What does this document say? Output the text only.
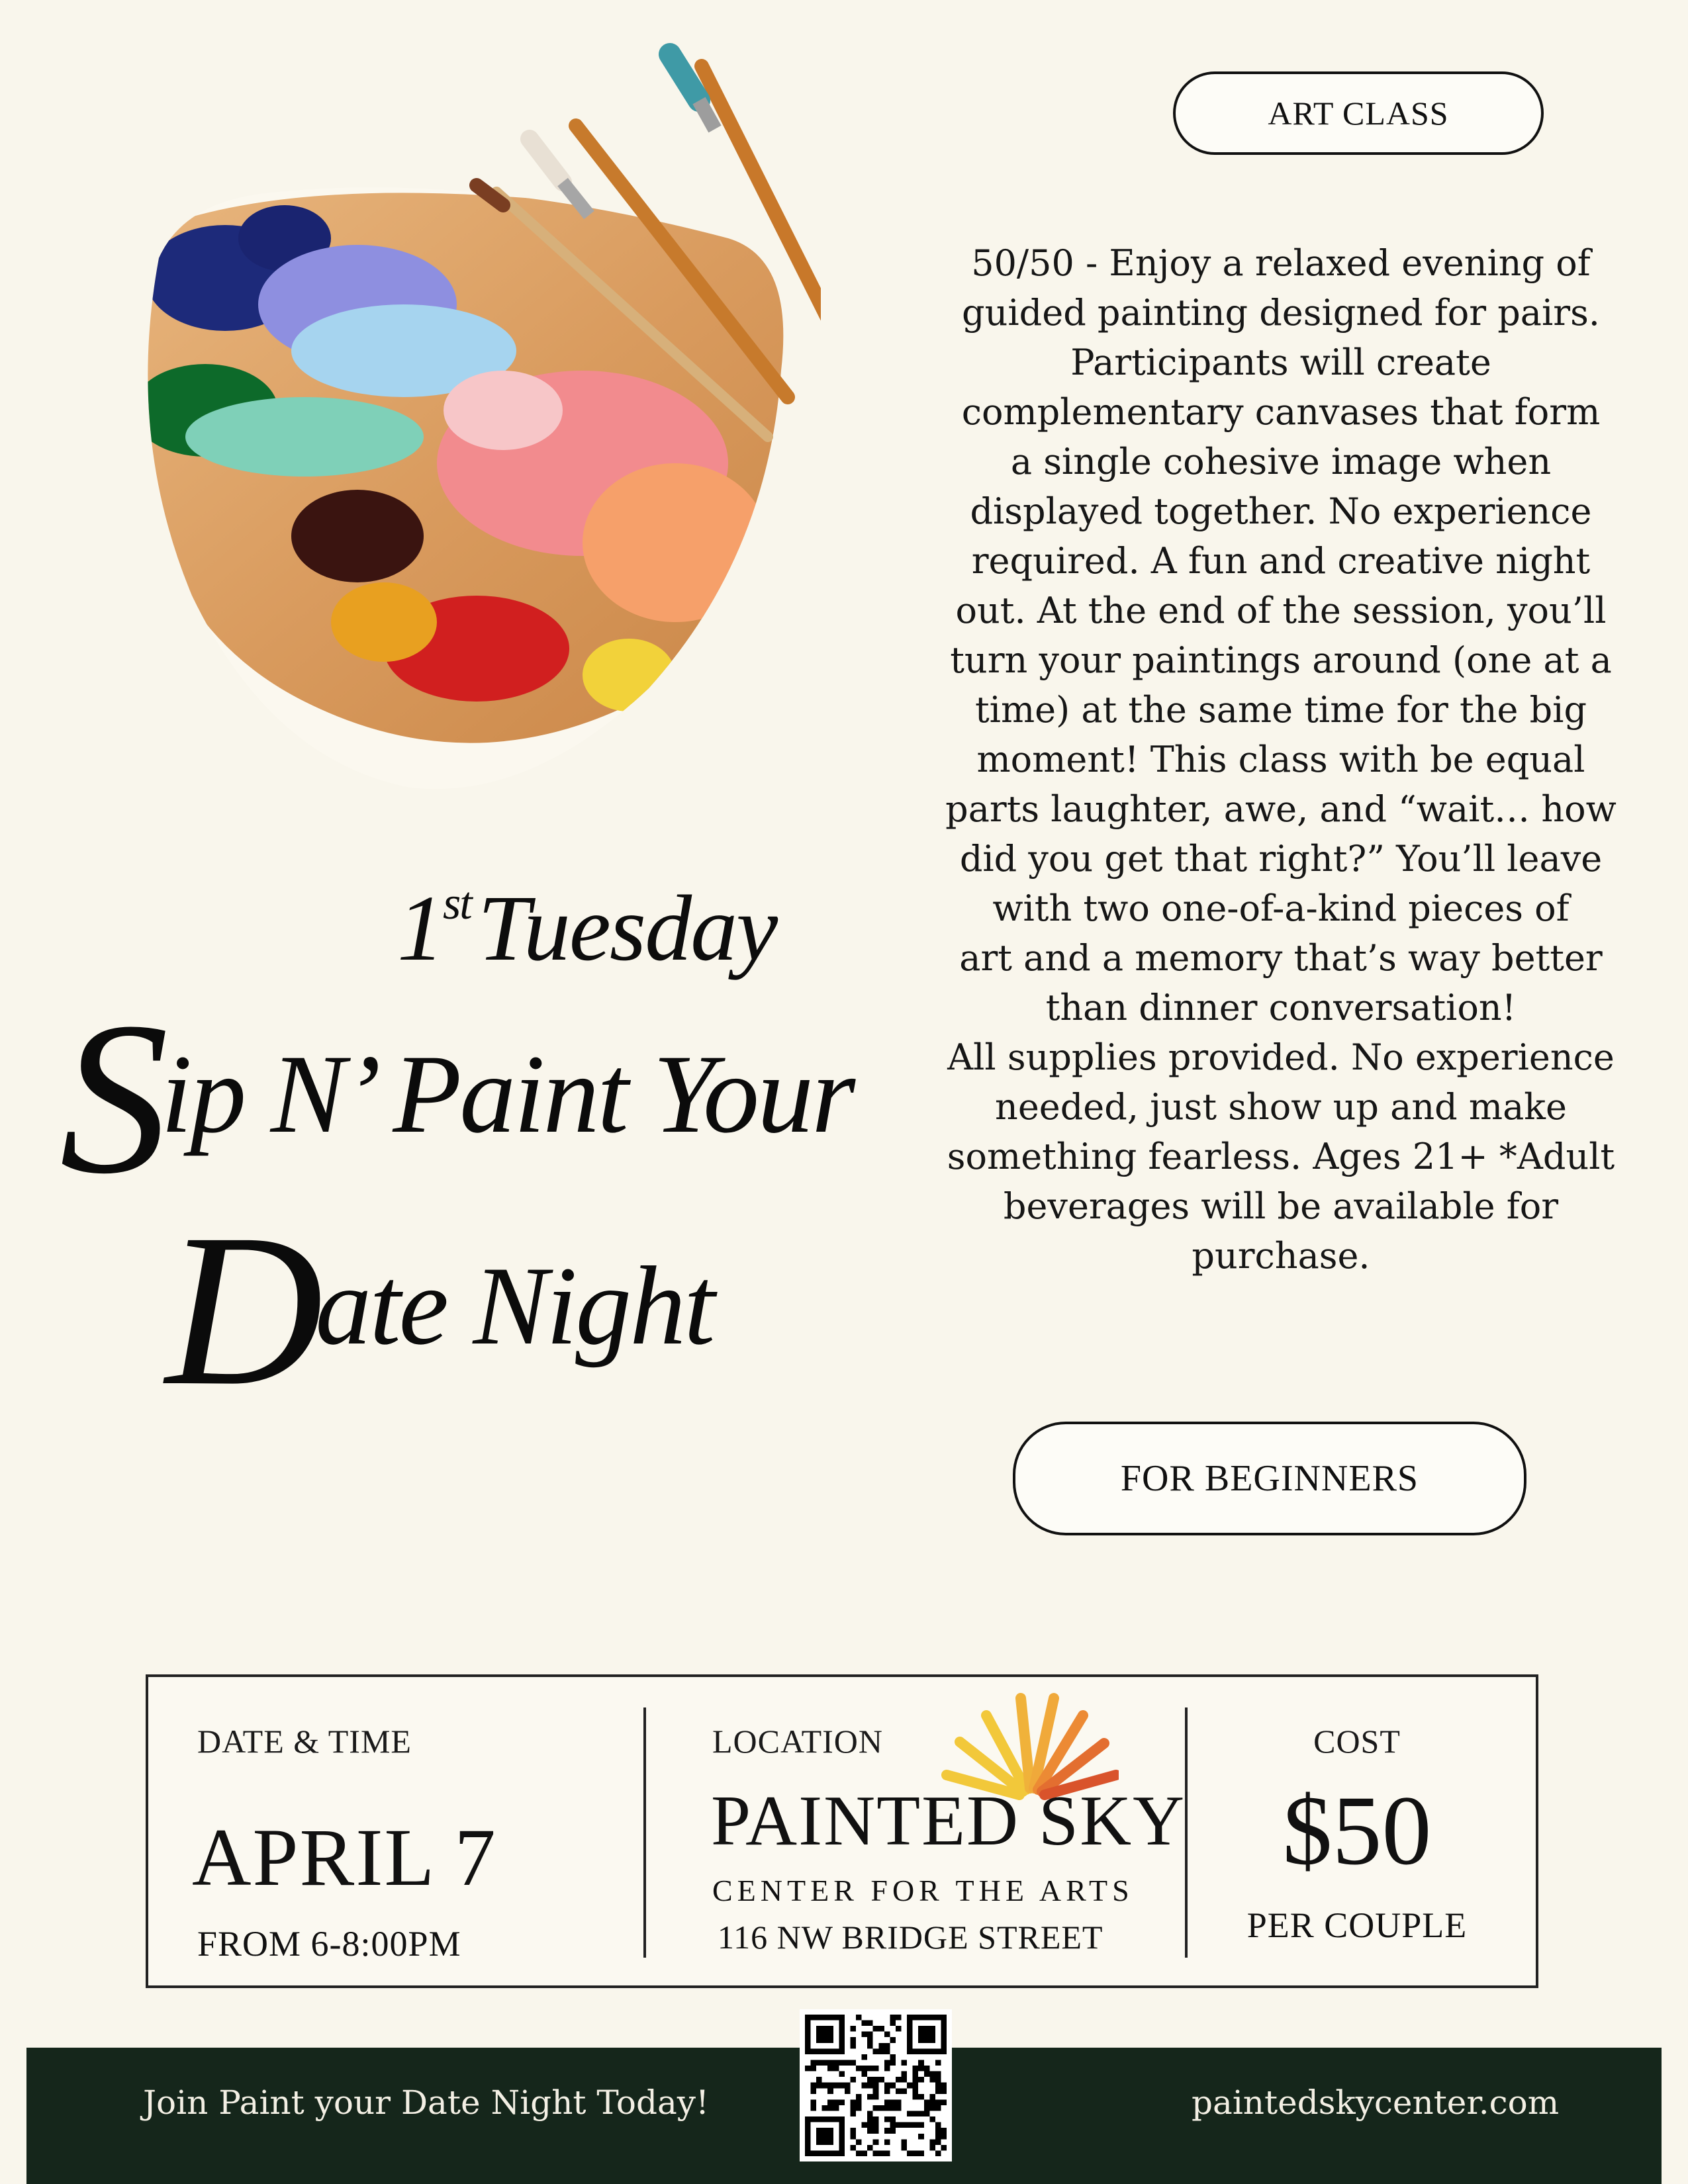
ART CLASS
50/50 - Enjoy a relaxed evening of
guided painting designed for pairs.
Participants will create
complementary canvases that form
a single cohesive image when
displayed together. No experience
required. A fun and creative night
out. At the end of the session, you’ll
turn your paintings around (one at a
time) at the same time for the big
moment! This class with be equal
parts laughter, awe, and “wait… how
did you get that right?” You’ll leave
with two one-of-a-kind pieces of
art and a memory that’s way better
than dinner conversation!
All supplies provided. No experience
needed, just show up and make
something fearless. Ages 21+ *Adult
beverages will be available for
purchase.
1stTuesday
Sip N’ Paint Your
Date Night
FOR BEGINNERS
DATE & TIME
APRIL 7
FROM 6-8:00PM
LOCATION
PAINTED SKY
CENTER FOR THE ARTS
116 NW BRIDGE STREET
COST
$50
PER COUPLE
Join Paint your Date Night Today!	paintedskycenter.com
